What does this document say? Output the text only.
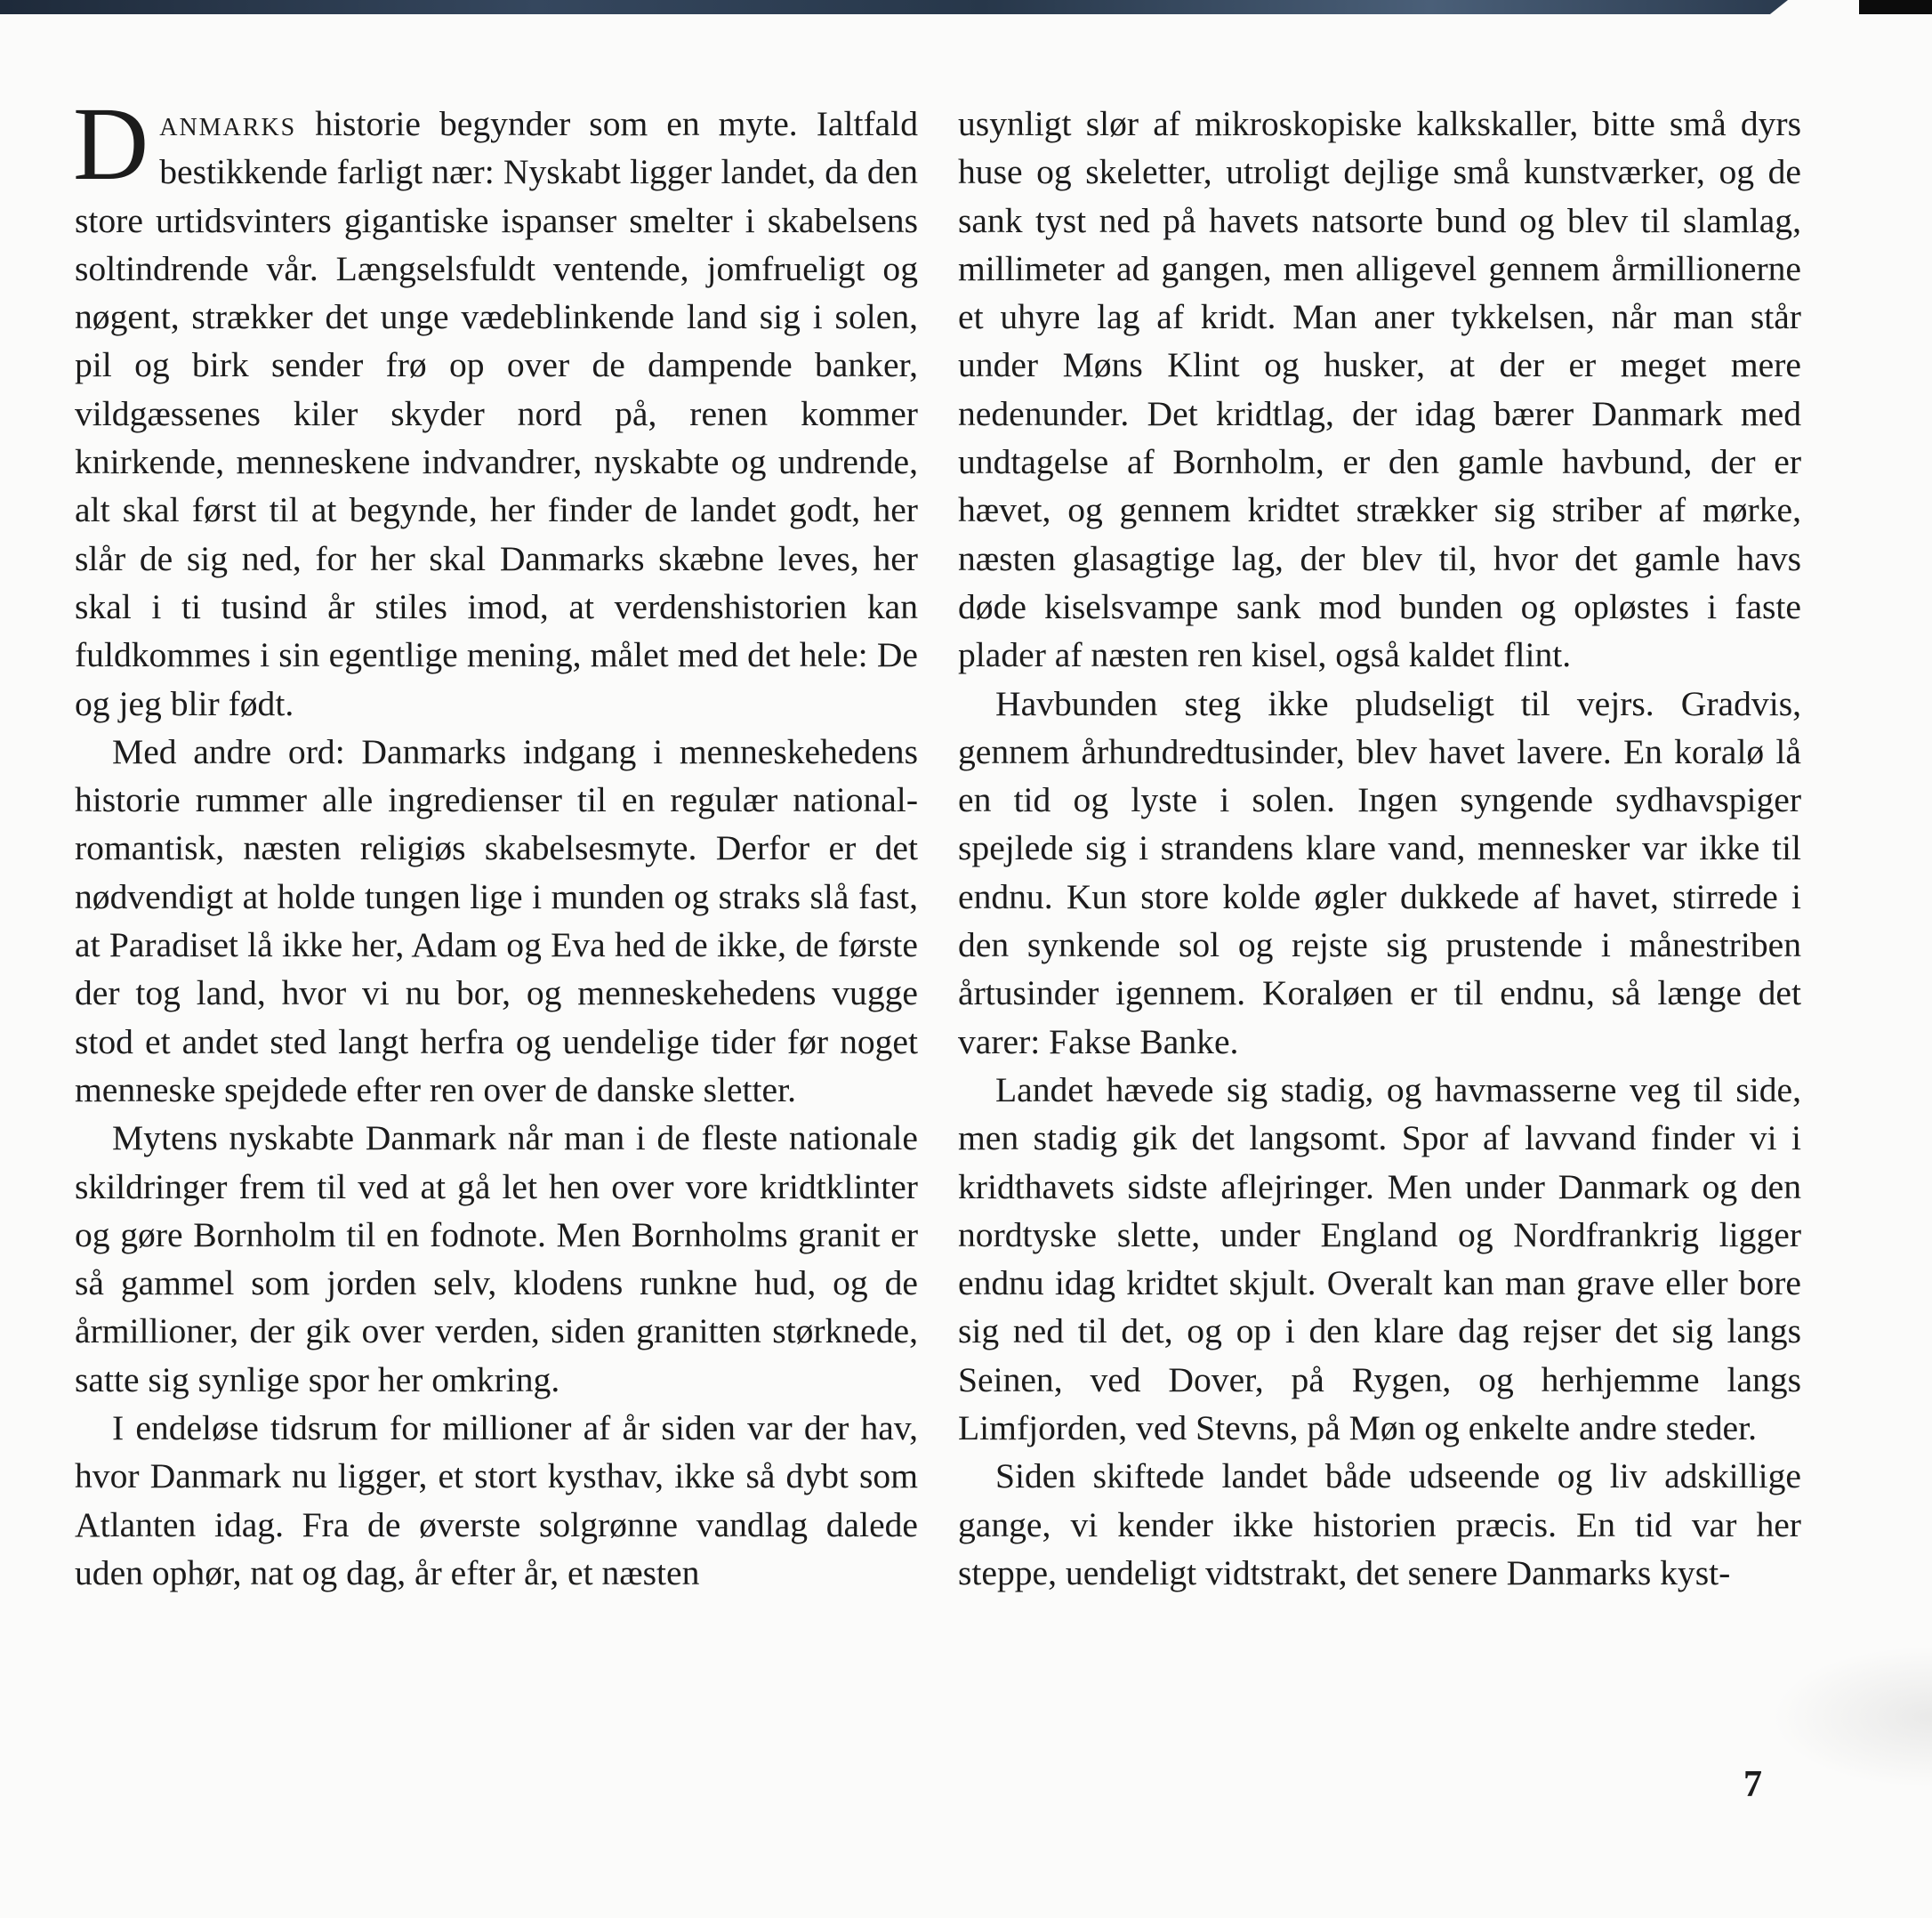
Danmarks historie begynder som en myte. Ialtfald bestikkende farligt nær: Nyskabt ligger landet, da den store urtidsvinters gigantiske ispanser smelter i skabelsens soltindrende vår. Længselsfuldt ventende, jomfrueligt og nøgent, strækker det unge vædeblinkende land sig i solen, pil og birk sender frø op over de dampende banker, vildgæssenes kiler skyder nord på, renen kommer knirkende, menneskene indvandrer, nyskabte og undrende, alt skal først til at begynde, her finder de landet godt, her slår de sig ned, for her skal Danmarks skæbne leves, her skal i ti tusind år stiles imod, at verdenshistorien kan fuldkommes i sin egentlige mening, målet med det hele: De og jeg blir født.

Med andre ord: Danmarks indgang i menneskehedens historie rummer alle ingredienser til en regulær nationalromantisk, næsten religiøs skabelsesmyte. Derfor er det nødvendigt at holde tungen lige i munden og straks slå fast, at Paradiset lå ikke her, Adam og Eva hed de ikke, de første der tog land, hvor vi nu bor, og menneskehedens vugge stod et andet sted langt herfra og uendelige tider før noget menneske spejdede efter ren over de danske sletter.

Mytens nyskabte Danmark når man i de fleste nationale skildringer frem til ved at gå let hen over vore kridtklinter og gøre Bornholm til en fodnote. Men Bornholms granit er så gammel som jorden selv, klodens runkne hud, og de årmillioner, der gik over verden, siden granitten størknede, satte sig synlige spor her omkring.

I endeløse tidsrum for millioner af år siden var der hav, hvor Danmark nu ligger, et stort kysthav, ikke så dybt som Atlanten idag. Fra de øverste solgrønne vandlag dalede uden ophør, nat og dag, år efter år, et næsten

usynligt slør af mikroskopiske kalkskaller, bitte små dyrs huse og skeletter, utroligt dejlige små kunstværker, og de sank tyst ned på havets natsorte bund og blev til slamlag, millimeter ad gangen, men alligevel gennem årmillionerne et uhyre lag af kridt. Man aner tykkelsen, når man står under Møns Klint og husker, at der er meget mere nedenunder. Det kridtlag, der idag bærer Danmark med undtagelse af Bornholm, er den gamle havbund, der er hævet, og gennem kridtet strækker sig striber af mørke, næsten glasagtige lag, der blev til, hvor det gamle havs døde kiselsvampe sank mod bunden og opløstes i faste plader af næsten ren kisel, også kaldet flint.

Havbunden steg ikke pludseligt til vejrs. Gradvis, gennem århundredtusinder, blev havet lavere. En koralø lå en tid og lyste i solen. Ingen syngende sydhavspiger spejlede sig i strandens klare vand, mennesker var ikke til endnu. Kun store kolde øgler dukkede af havet, stirrede i den synkende sol og rejste sig prustende i månestriben årtusinder igennem. Koraløen er til endnu, så længe det varer: Fakse Banke.

Landet hævede sig stadig, og havmasserne veg til side, men stadig gik det langsomt. Spor af lavvand finder vi i kridthavets sidste aflejringer. Men under Danmark og den nordtyske slette, under England og Nordfrankrig ligger endnu idag kridtet skjult. Overalt kan man grave eller bore sig ned til det, og op i den klare dag rejser det sig langs Seinen, ved Dover, på Rygen, og herhjemme langs Limfjorden, ved Stevns, på Møn og enkelte andre steder.

Siden skiftede landet både udseende og liv adskillige gange, vi kender ikke historien præcis. En tid var her steppe, uendeligt vidtstrakt, det senere Danmarks kyst-

7
